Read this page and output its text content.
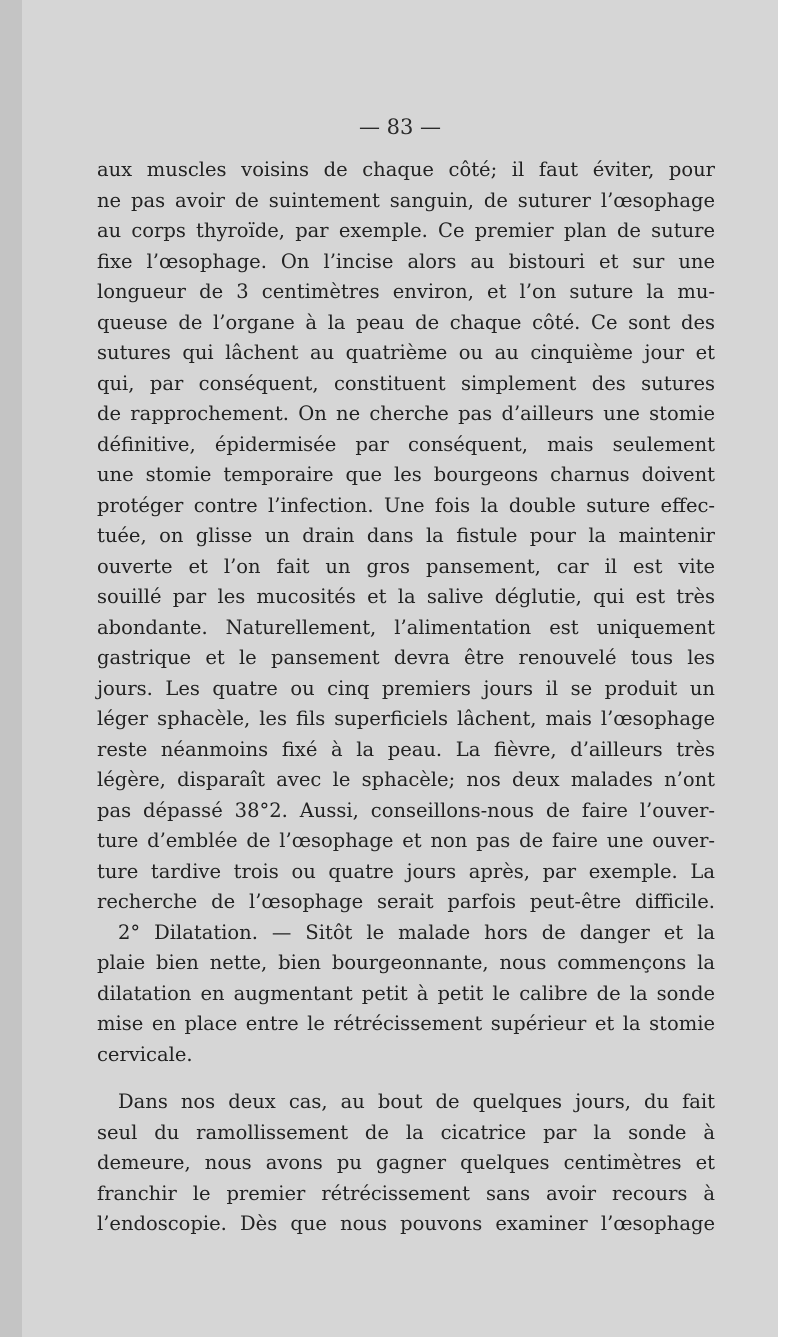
— 83 —
aux muscles voisins de chaque côté; il faut éviter, pour
ne pas avoir de suintement sanguin, de suturer l’œsophage
au corps thyroïde, par exemple. Ce premier plan de suture
fixe l’œsophage. On l’incise alors au bistouri et sur une
longueur de 3 centimètres environ, et l’on suture la mu-
queuse de l’organe à la peau de chaque côté. Ce sont des
sutures qui lâchent au quatrième ou au cinquième jour et
qui, par conséquent, constituent simplement des sutures
de rapprochement. On ne cherche pas d’ailleurs une stomie
définitive, épidermisée par conséquent, mais seulement
une stomie temporaire que les bourgeons charnus doivent
protéger contre l’infection. Une fois la double suture effec-
tuée, on glisse un drain dans la fistule pour la maintenir
ouverte et l’on fait un gros pansement, car il est vite
souillé par les mucosités et la salive déglutie, qui est très
abondante. Naturellement, l’alimentation est uniquement
gastrique et le pansement devra être renouvelé tous les
jours. Les quatre ou cinq premiers jours il se produit un
léger sphacèle, les fils superficiels lâchent, mais l’œsophage
reste néanmoins fixé à la peau. La fièvre, d’ailleurs très
légère, disparaît avec le sphacèle; nos deux malades n’ont
pas dépassé 38°2. Aussi, conseillons-nous de faire l’ouver-
ture d’emblée de l’œsophage et non pas de faire une ouver-
ture tardive trois ou quatre jours après, par exemple. La
recherche de l’œsophage serait parfois peut-être difficile.
2° Dilatation. — Sitôt le malade hors de danger et la
plaie bien nette, bien bourgeonnante, nous commençons la
dilatation en augmentant petit à petit le calibre de la sonde
mise en place entre le rétrécissement supérieur et la stomie
cervicale.
Dans nos deux cas, au bout de quelques jours, du fait
seul du ramollissement de la cicatrice par la sonde à
demeure, nous avons pu gagner quelques centimètres et
franchir le premier rétrécissement sans avoir recours à
l’endoscopie. Dès que nous pouvons examiner l’œsophage
